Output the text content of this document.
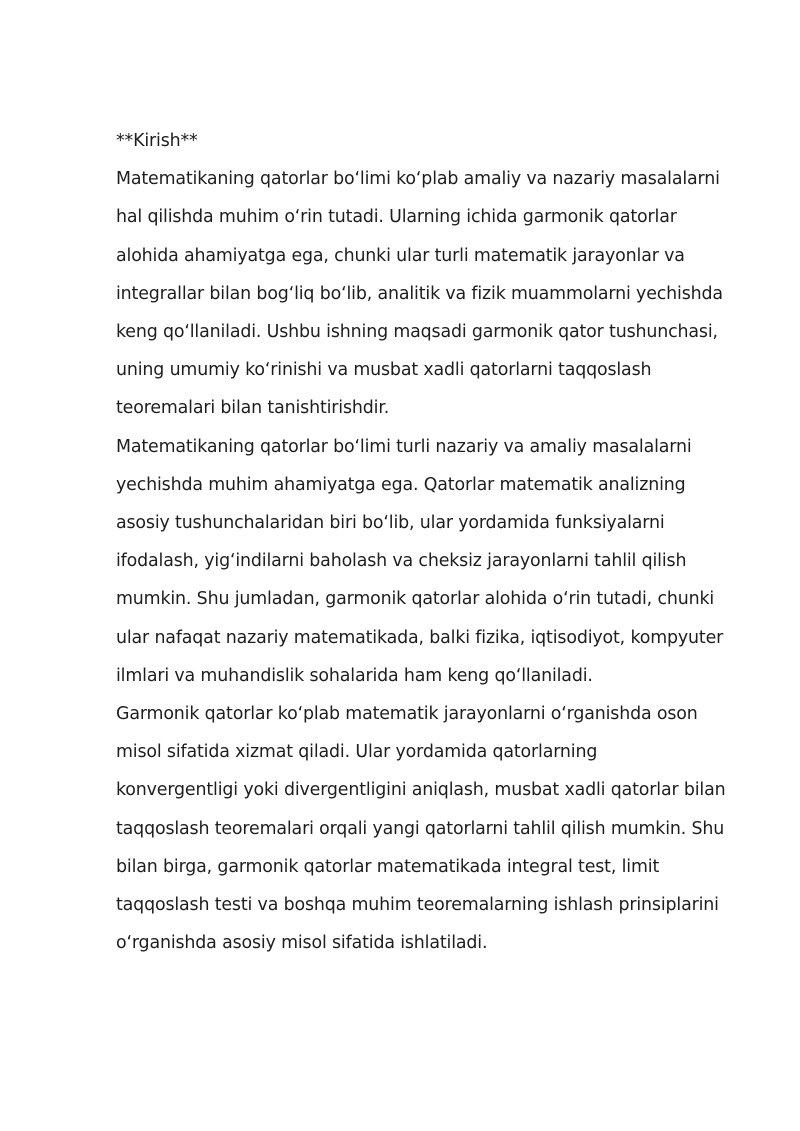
**Kirish**
Matematikaning qatorlar bo‘limi ko‘plab amaliy va nazariy masalalarni
hal qilishda muhim o‘rin tutadi. Ularning ichida garmonik qatorlar
alohida ahamiyatga ega, chunki ular turli matematik jarayonlar va
integrallar bilan bog‘liq bo‘lib, analitik va fizik muammolarni yechishda
keng qo‘llaniladi. Ushbu ishning maqsadi garmonik qator tushunchasi,
uning umumiy ko‘rinishi va musbat xadli qatorlarni taqqoslash
teoremalari bilan tanishtirishdir.
Matematikaning qatorlar bo‘limi turli nazariy va amaliy masalalarni
yechishda muhim ahamiyatga ega. Qatorlar matematik analizning
asosiy tushunchalaridan biri bo‘lib, ular yordamida funksiyalarni
ifodalash, yig‘indilarni baholash va cheksiz jarayonlarni tahlil qilish
mumkin. Shu jumladan, garmonik qatorlar alohida o‘rin tutadi, chunki
ular nafaqat nazariy matematikada, balki fizika, iqtisodiyot, kompyuter
ilmlari va muhandislik sohalarida ham keng qo‘llaniladi.
Garmonik qatorlar ko‘plab matematik jarayonlarni o‘rganishda oson
misol sifatida xizmat qiladi. Ular yordamida qatorlarning
konvergentligi yoki divergentligini aniqlash, musbat xadli qatorlar bilan
taqqoslash teoremalari orqali yangi qatorlarni tahlil qilish mumkin. Shu
bilan birga, garmonik qatorlar matematikada integral test, limit
taqqoslash testi va boshqa muhim teoremalarning ishlash prinsiplarini
o‘rganishda asosiy misol sifatida ishlatiladi.
